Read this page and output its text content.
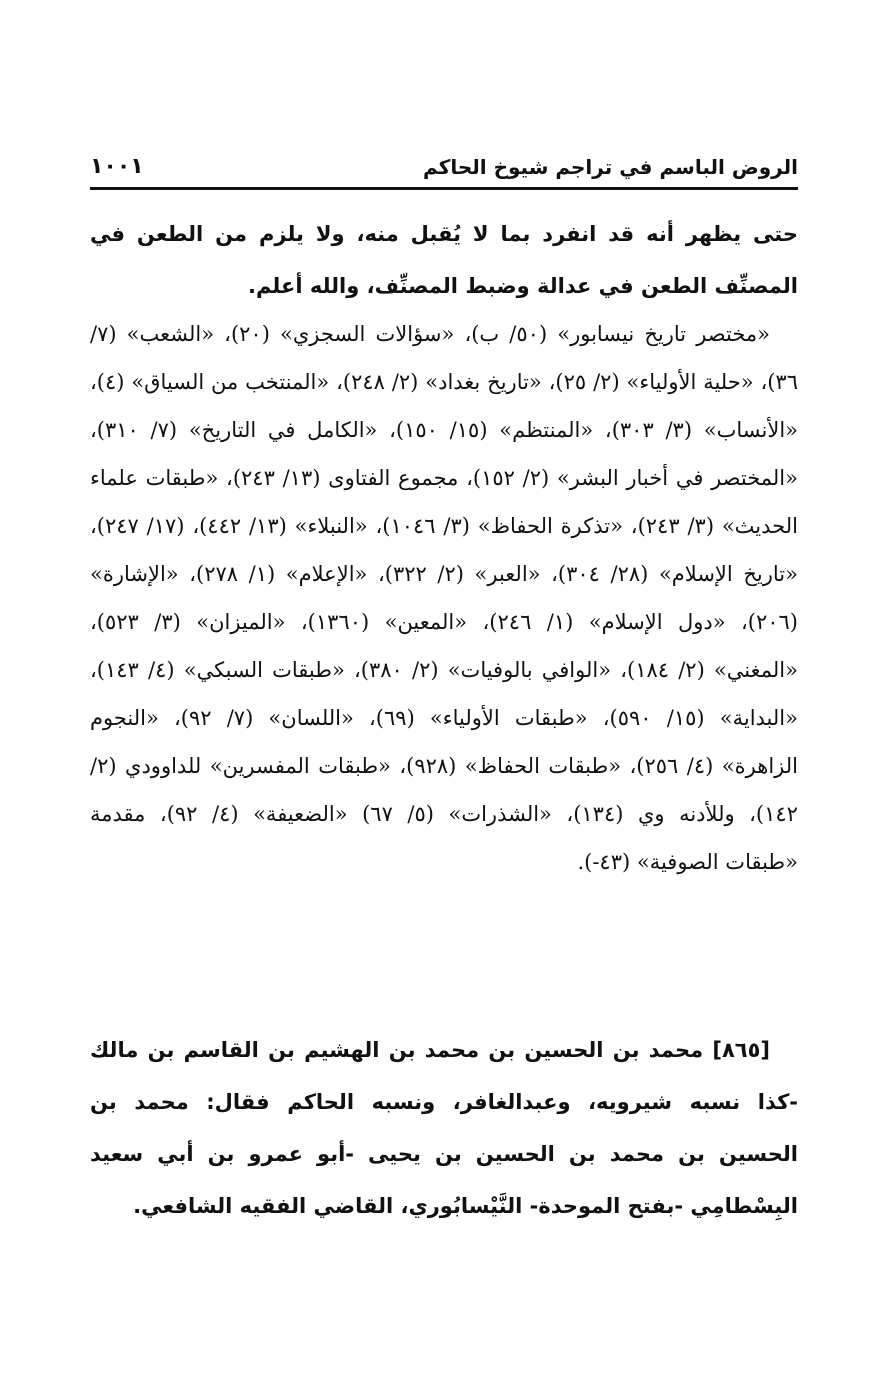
الروض الباسم في تراجم شيوخ الحاكم
١٠٠١

حتى يظهر أنه قد انفرد بما لا يُقبل منه، ولا يلزم من الطعن في المصنِّف الطعن في عدالة وضبط المصنِّف، والله أعلم.

«مختصر تاريخ نيسابور» (٥٠/ ب)، «سؤالات السجزي» (٢٠)، «الشعب» (٧/ ٣٦)، «حلية الأولياء» (٢/ ٢٥)، «تاريخ بغداد» (٢/ ٢٤٨)، «المنتخب من السياق» (٤)، «الأنساب» (٣/ ٣٠٣)، «المنتظم» (١٥/ ١٥٠)، «الكامل في التاريخ» (٧/ ٣١٠)، «المختصر في أخبار البشر» (٢/ ١٥٢)، مجموع الفتاوى (١٣/ ٢٤٣)، «طبقات علماء الحديث» (٣/ ٢٤٣)، «تذكرة الحفاظ» (٣/ ١٠٤٦)، «النبلاء» (١٣/ ٤٤٢)، (١٧/ ٢٤٧)، «تاريخ الإسلام» (٢٨/ ٣٠٤)، «العبر» (٢/ ٣٢٢)، «الإعلام» (١/ ٢٧٨)، «الإشارة» (٢٠٦)، «دول الإسلام» (١/ ٢٤٦)، «المعين» (١٣٦٠)، «الميزان» (٣/ ٥٢٣)، «المغني» (٢/ ١٨٤)، «الوافي بالوفيات» (٢/ ٣٨٠)، «طبقات السبكي» (٤/ ١٤٣)، «البداية» (١٥/ ٥٩٠)، «طبقات الأولياء» (٦٩)، «اللسان» (٧/ ٩٢)، «النجوم الزاهرة» (٤/ ٢٥٦)، «طبقات الحفاظ» (٩٢٨)، «طبقات المفسرين» للداوودي (٢/ ١٤٢)، وللأدنه وي (١٣٤)، «الشذرات» (٥/ ٦٧) «الضعيفة» (٤/ ٩٢)، مقدمة «طبقات الصوفية» (٤٣-).

[٨٦٥] محمد بن الحسين بن محمد بن الهشيم بن القاسم بن مالك -كذا نسبه شيرويه، وعبدالغافر، ونسبه الحاكم فقال: محمد بن الحسين بن محمد بن الحسين بن يحيى -أبو عمرو بن أبي سعيد البِسْطامِي -بفتح الموحدة- النَّيْسابُوري، القاضي الفقيه الشافعي.
